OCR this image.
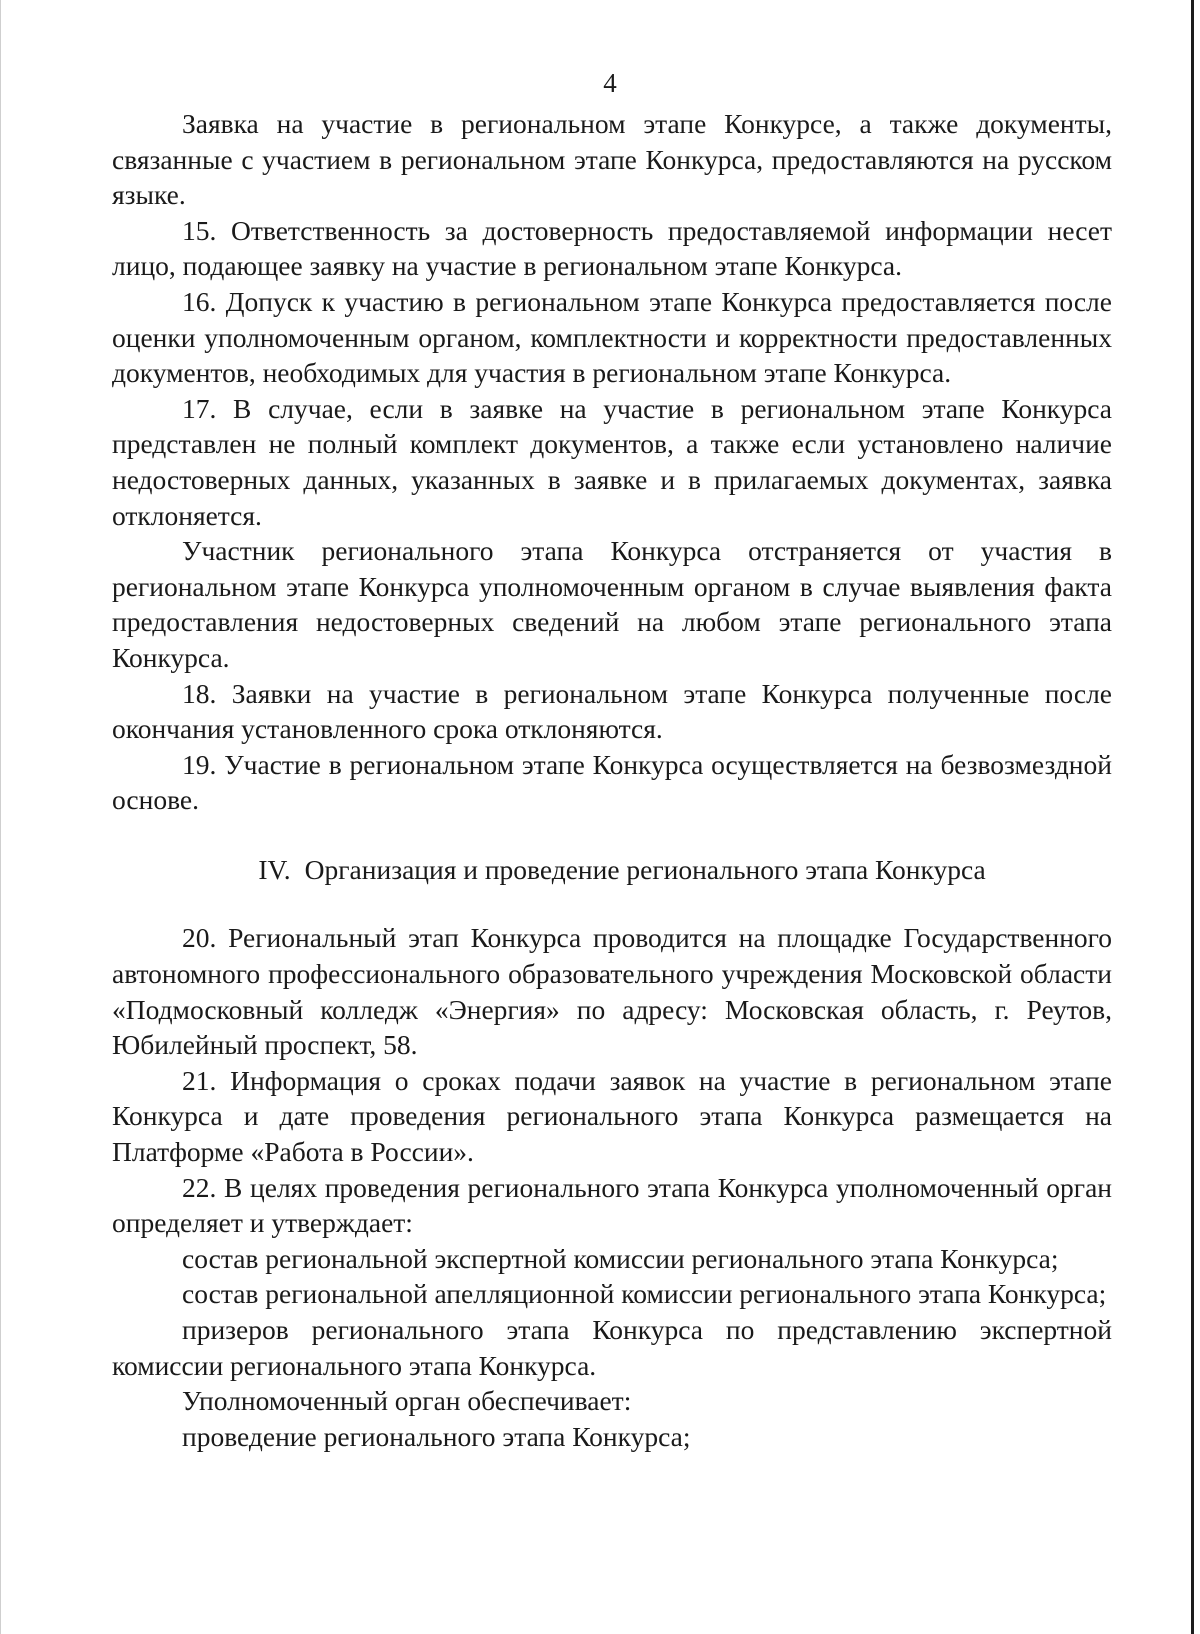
4

Заявка на участие в региональном этапе Конкурсе, а также документы, связанные с участием в региональном этапе Конкурса, предоставляются на русском языке.

15. Ответственность за достоверность предоставляемой информации несет лицо, подающее заявку на участие в региональном этапе Конкурса.

16. Допуск к участию в региональном этапе Конкурса предоставляется после оценки уполномоченным органом, комплектности и корректности предоставленных документов, необходимых для участия в региональном этапе Конкурса.

17. В случае, если в заявке на участие в региональном этапе Конкурса представлен не полный комплект документов, а также если установлено наличие недостоверных данных, указанных в заявке и в прилагаемых документах, заявка отклоняется.

Участник регионального этапа Конкурса отстраняется от участия в региональном этапе Конкурса уполномоченным органом в случае выявления факта предоставления недостоверных сведений на любом этапе регионального этапа Конкурса.

18. Заявки на участие в региональном этапе Конкурса полученные после окончания установленного срока отклоняются.

19. Участие в региональном этапе Конкурса осуществляется на безвозмездной основе.

IV. Организация и проведение регионального этапа Конкурса

20. Региональный этап Конкурса проводится на площадке Государственного автономного профессионального образовательного учреждения Московской области «Подмосковный колледж «Энергия» по адресу: Московская область, г. Реутов, Юбилейный проспект, 58.

21. Информация о сроках подачи заявок на участие в региональном этапе Конкурса и дате проведения регионального этапа Конкурса размещается на Платформе «Работа в России».

22. В целях проведения регионального этапа Конкурса уполномоченный орган определяет и утверждает:

состав региональной экспертной комиссии регионального этапа Конкурса;

состав региональной апелляционной комиссии регионального этапа Конкурса;

призеров регионального этапа Конкурса по представлению экспертной комиссии регионального этапа Конкурса.

Уполномоченный орган обеспечивает:

проведение регионального этапа Конкурса;
